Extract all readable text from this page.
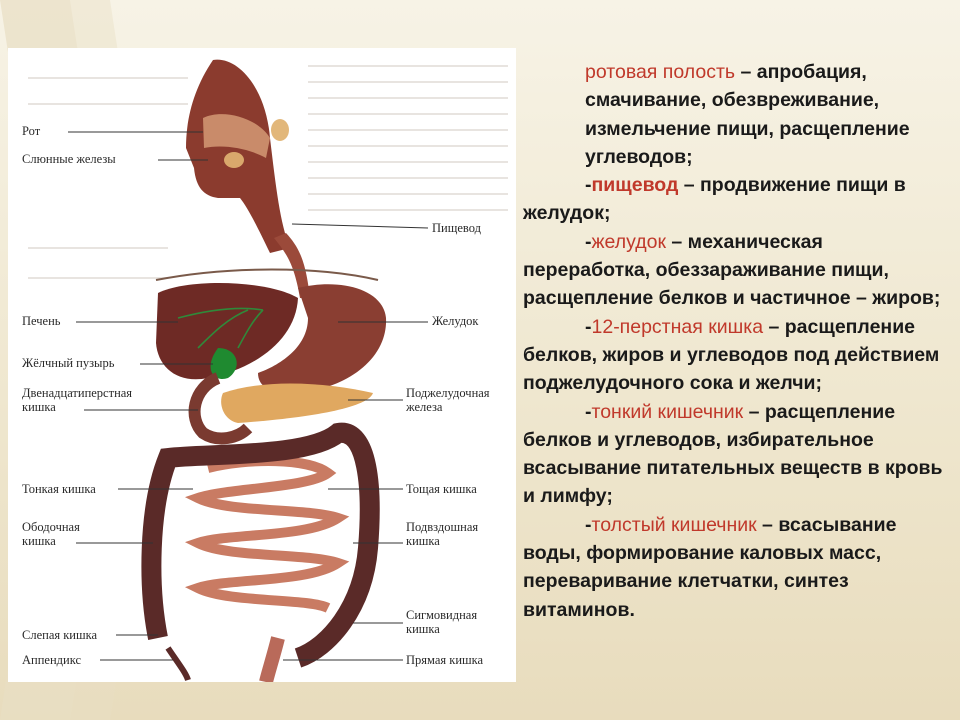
Рот
Слюнные железы
Печень
Жёлчный пузырь
Двенадцатиперстная
кишка
Тонкая кишка
Ободочная
кишка
Слепая кишка
Аппендикс
Пищевод
Желудок
Поджелудочная
железа
Тощая кишка
Подвздошная
кишка
Сигмовидная
кишка
Прямая кишка

ротовая полость – апробация, смачивание, обезвреживание, измельчение пищи, расщепление углеводов;

-пищевод – продвижение пищи в желудок;

-желудок – механическая переработка, обеззараживание пищи, расщепление белков и частичное – жиров;

-12-перстная кишка – расщепление белков, жиров и углеводов под действием поджелудочного сока и желчи;

-тонкий кишечник – расщепление белков и углеводов, избирательное всасывание питательных веществ в кровь и лимфу;

-толстый кишечник – всасывание воды, формирование каловых масс, переваривание клетчатки, синтез витаминов.
